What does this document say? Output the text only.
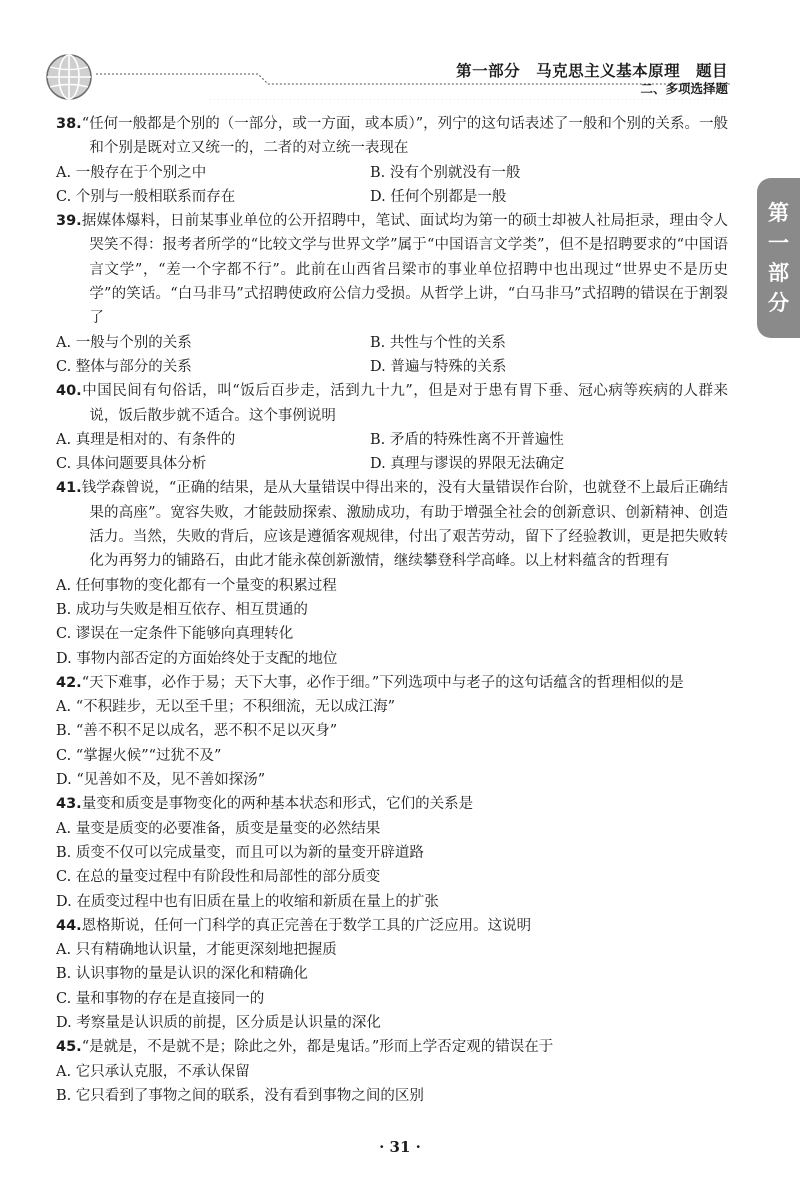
第一部分 马克思主义基本原理 题目
二、多项选择题
第
一
部
分

38.“任何一般都是个别的（一部分，或一方面，或本质）”，列宁的这句话表述了一般和个别的关系。一般和个别是既对立又统一的，二者的对立统一表现在

A. 一般存在于个别之中	B. 没有个别就没有一般
C. 个别与一般相联系而存在	D. 任何个别都是一般

39.据媒体爆料，日前某事业单位的公开招聘中，笔试、面试均为第一的硕士却被人社局拒录，理由令人哭笑不得：报考者所学的“比较文学与世界文学”属于“中国语言文学类”，但不是招聘要求的“中国语言文学”，“差一个字都不行”。此前在山西省吕梁市的事业单位招聘中也出现过“世界史不是历史学”的笑话。“白马非马”式招聘使政府公信力受损。从哲学上讲，“白马非马”式招聘的错误在于割裂了

A. 一般与个别的关系	B. 共性与个性的关系
C. 整体与部分的关系	D. 普遍与特殊的关系

40.中国民间有句俗话，叫“饭后百步走，活到九十九”，但是对于患有胃下垂、冠心病等疾病的人群来说，饭后散步就不适合。这个事例说明

A. 真理是相对的、有条件的	B. 矛盾的特殊性离不开普遍性
C. 具体问题要具体分析	D. 真理与谬误的界限无法确定

41.钱学森曾说，“正确的结果，是从大量错误中得出来的，没有大量错误作台阶，也就登不上最后正确结果的高座”。宽容失败，才能鼓励探索、激励成功，有助于增强全社会的创新意识、创新精神、创造活力。当然，失败的背后，应该是遵循客观规律，付出了艰苦劳动，留下了经验教训，更是把失败转化为再努力的铺路石，由此才能永葆创新激情，继续攀登科学高峰。以上材料蕴含的哲理有

A. 任何事物的变化都有一个量变的积累过程
B. 成功与失败是相互依存、相互贯通的
C. 谬误在一定条件下能够向真理转化
D. 事物内部否定的方面始终处于支配的地位

42.“天下难事，必作于易；天下大事，必作于细。”下列选项中与老子的这句话蕴含的哲理相似的是

A. “不积跬步，无以至千里；不积细流，无以成江海”
B. “善不积不足以成名，恶不积不足以灭身”
C. “掌握火候”“过犹不及”
D. “见善如不及，见不善如探汤”

43.量变和质变是事物变化的两种基本状态和形式，它们的关系是

A. 量变是质变的必要准备，质变是量变的必然结果
B. 质变不仅可以完成量变，而且可以为新的量变开辟道路
C. 在总的量变过程中有阶段性和局部性的部分质变
D. 在质变过程中也有旧质在量上的收缩和新质在量上的扩张

44.恩格斯说，任何一门科学的真正完善在于数学工具的广泛应用。这说明

A. 只有精确地认识量，才能更深刻地把握质
B. 认识事物的量是认识的深化和精确化
C. 量和事物的存在是直接同一的
D. 考察量是认识质的前提，区分质是认识量的深化

45.“是就是，不是就不是；除此之外，都是鬼话。”形而上学否定观的错误在于

A. 它只承认克服，不承认保留
B. 它只看到了事物之间的联系，没有看到事物之间的区别
· 31 ·
